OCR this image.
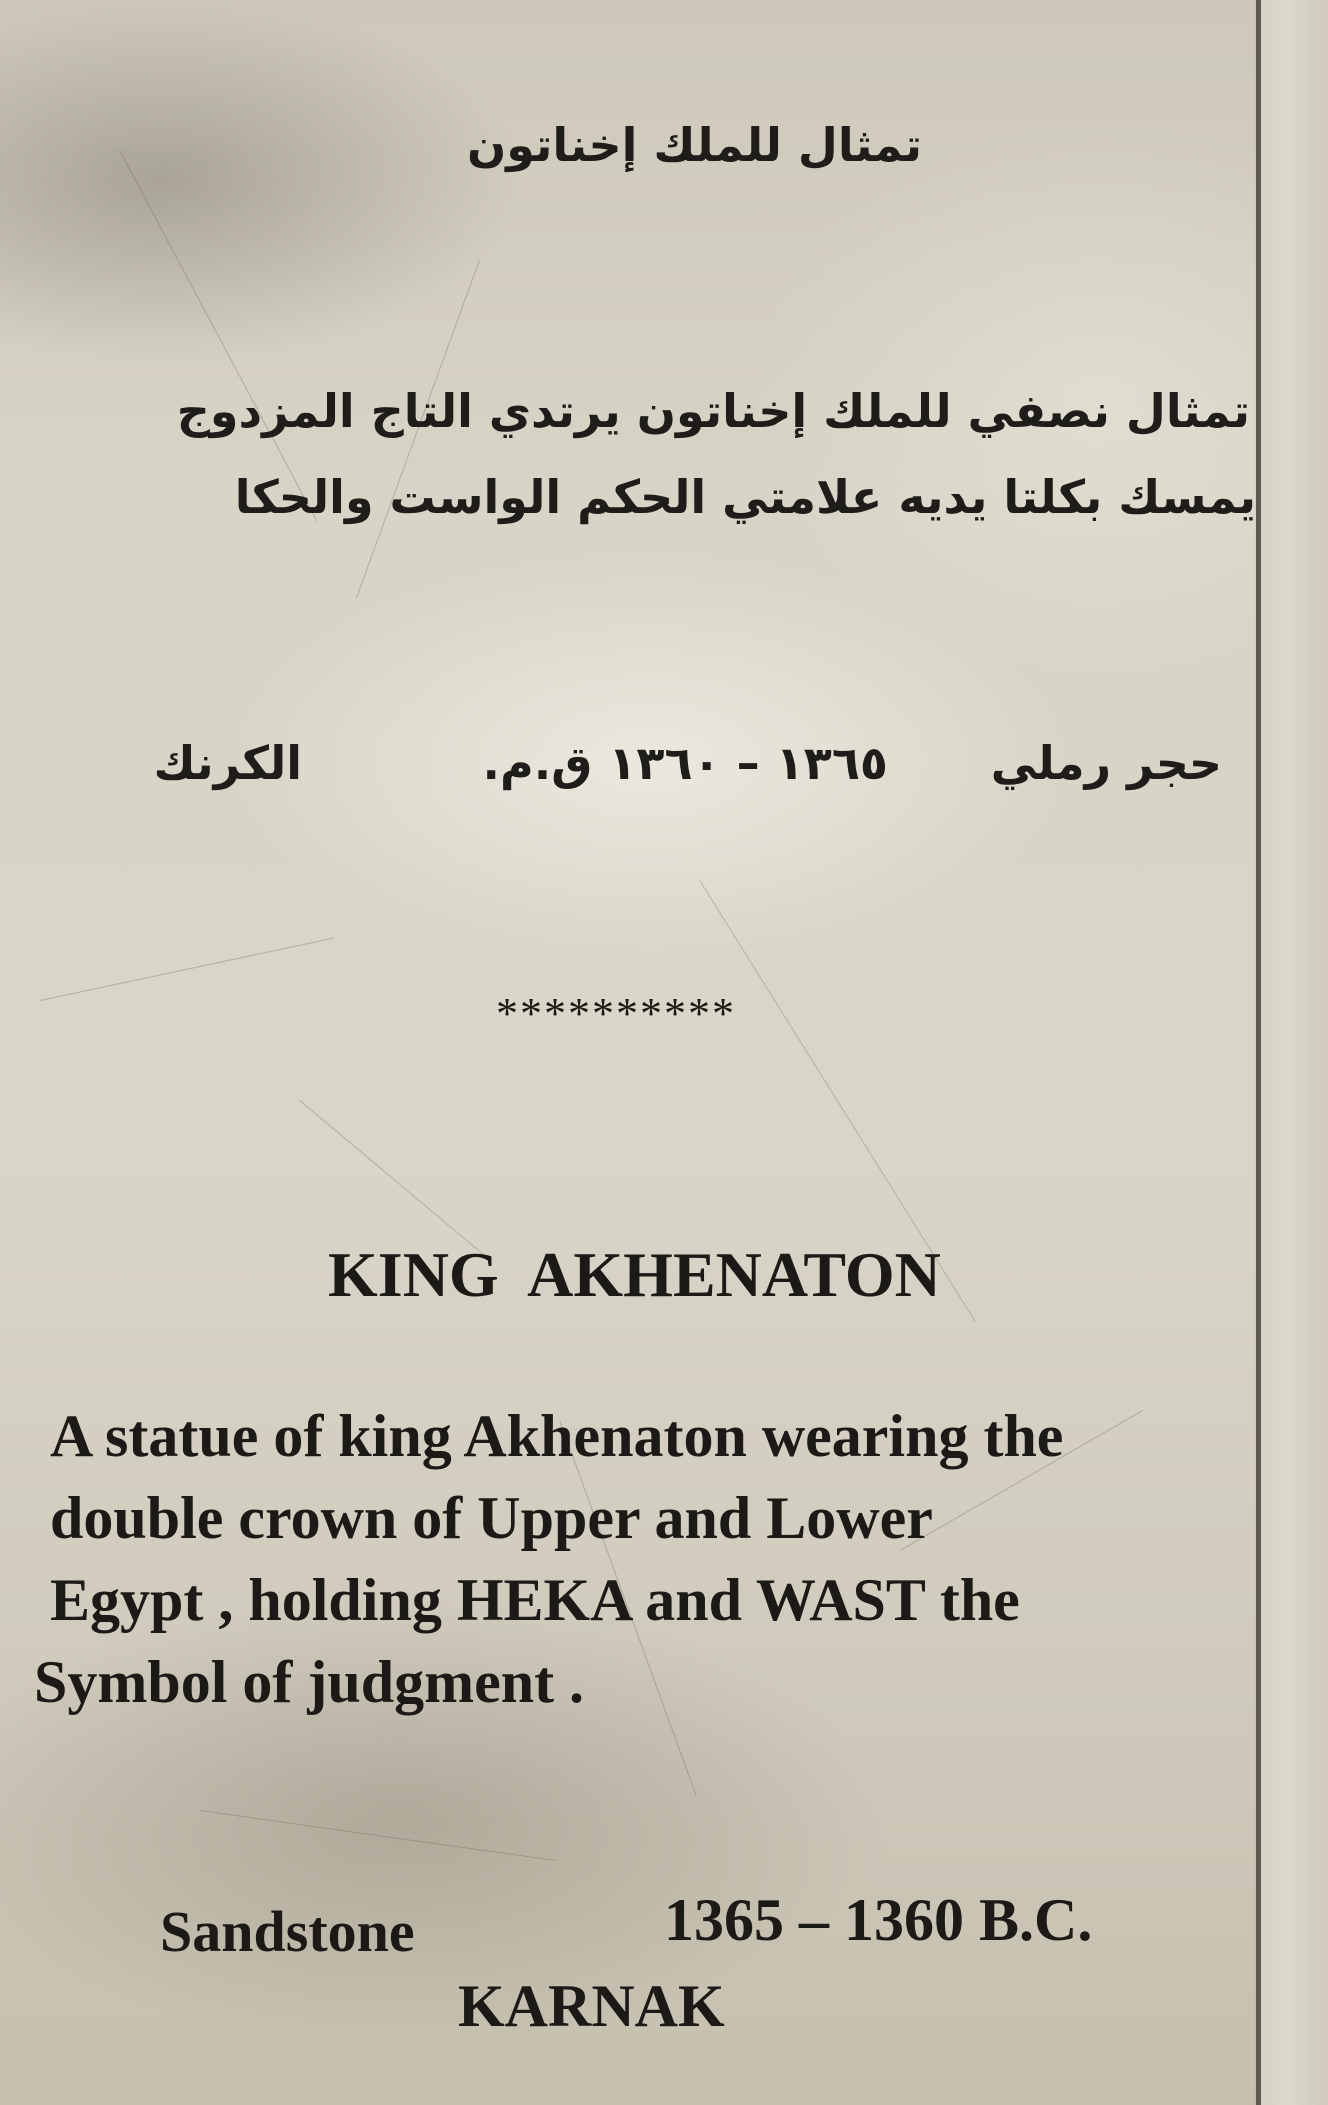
تمثال للملك إخناتون
تمثال نصفي للملك إخناتون يرتدي التاج المزدوج
يمسك بكلتا يديه علامتي الحكم الواست والحكا
حجر رملي
١٣٦٥ – ١٣٦٠ ق.م.
الكرنك
**********
KING  AKHENATON
A statue of king Akhenaton wearing the
double crown of Upper and Lower
Egypt , holding HEKA and WAST the
Symbol of judgment .
Sandstone	1365 – 1360 B.C.
KARNAK
